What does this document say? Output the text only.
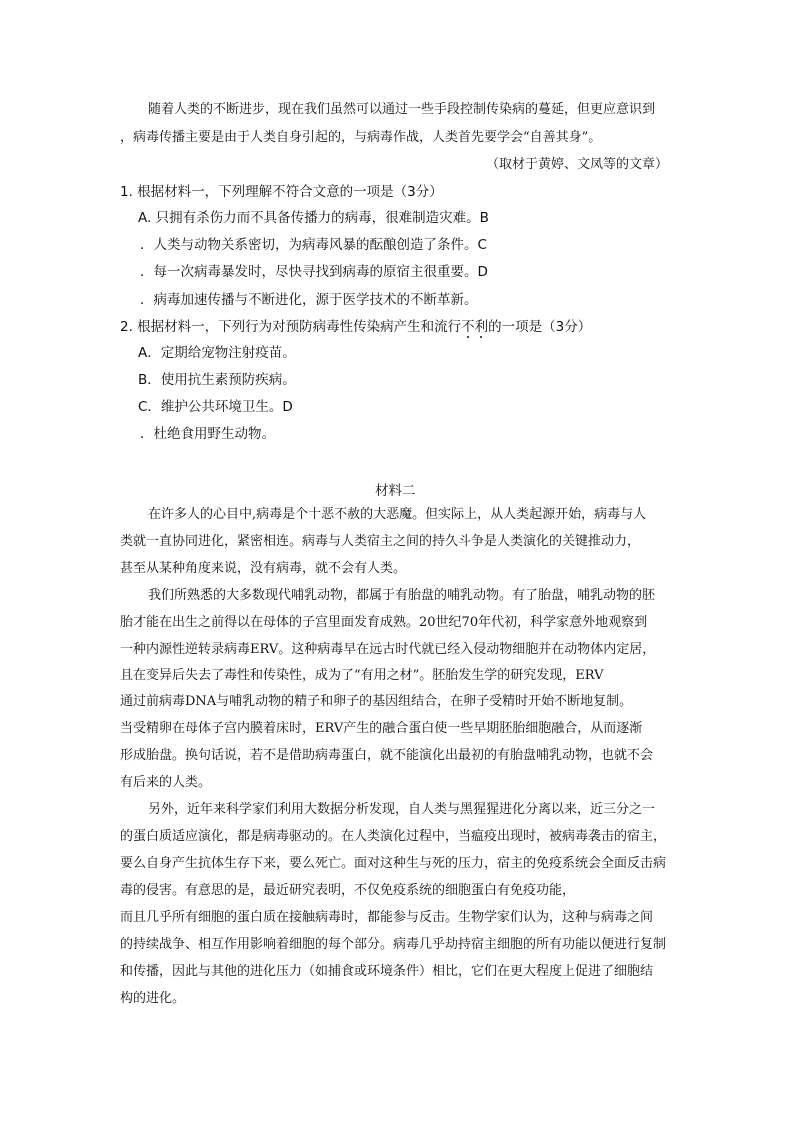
随着人类的不断进步，现在我们虽然可以通过一些手段控制传染病的蔓延，但更应意识到
，病毒传播主要是由于人类自身引起的，与病毒作战，人类首先要学会“自善其身”。
（取材于黄婷、文凤等的文章）
1. 根据材料一，下列理解不符合文意的一项是（3分）
A. 只拥有杀伤力而不具备传播力的病毒，很难制造灾难。B
．人类与动物关系密切，为病毒风暴的酝酿创造了条件。C
．每一次病毒暴发时，尽快寻找到病毒的原宿主很重要。D
．病毒加速传播与不断进化，源于医学技术的不断革新。
2. 根据材料一，下列行为对预防病毒性传染病产生和流行不利的一项是（3分）
A．定期给宠物注射疫苗。
B．使用抗生素预防疾病。
C．维护公共环境卫生。D
．杜绝食用野生动物。
材料二
在许多人的心目中,病毒是个十恶不赦的大恶魔。但实际上，从人类起源开始，病毒与人
类就一直协同进化，紧密相连。病毒与人类宿主之间的持久斗争是人类演化的关键推动力，
甚至从某种角度来说，没有病毒，就不会有人类。
我们所熟悉的大多数现代哺乳动物，都属于有胎盘的哺乳动物。有了胎盘，哺乳动物的胚
胎才能在出生之前得以在母体的子宫里面发育成熟。20世纪70年代初，科学家意外地观察到
一种内源性逆转录病毒ERV。这种病毒早在远古时代就已经入侵动物细胞并在动物体内定居，
且在变异后失去了毒性和传染性，成为了“有用之材”。胚胎发生学的研究发现，ERV
通过前病毒DNA与哺乳动物的精子和卵子的基因组结合，在卵子受精时开始不断地复制。
当受精卵在母体子宫内膜着床时，ERV产生的融合蛋白使一些早期胚胎细胞融合，从而逐渐
形成胎盘。换句话说，若不是借助病毒蛋白，就不能演化出最初的有胎盘哺乳动物，也就不会
有后来的人类。
另外，近年来科学家们利用大数据分析发现，自人类与黑猩猩进化分离以来，近三分之一
的蛋白质适应演化，都是病毒驱动的。在人类演化过程中，当瘟疫出现时，被病毒袭击的宿主，
要么自身产生抗体生存下来，要么死亡。面对这种生与死的压力，宿主的免疫系统会全面反击病
毒的侵害。有意思的是，最近研究表明，不仅免疫系统的细胞蛋白有免疫功能，
而且几乎所有细胞的蛋白质在接触病毒时，都能参与反击。生物学家们认为，这种与病毒之间
的持续战争、相互作用影响着细胞的每个部分。病毒几乎劫持宿主细胞的所有功能以便进行复制
和传播，因此与其他的进化压力（如捕食或环境条件）相比，它们在更大程度上促进了细胞结
构的进化。
